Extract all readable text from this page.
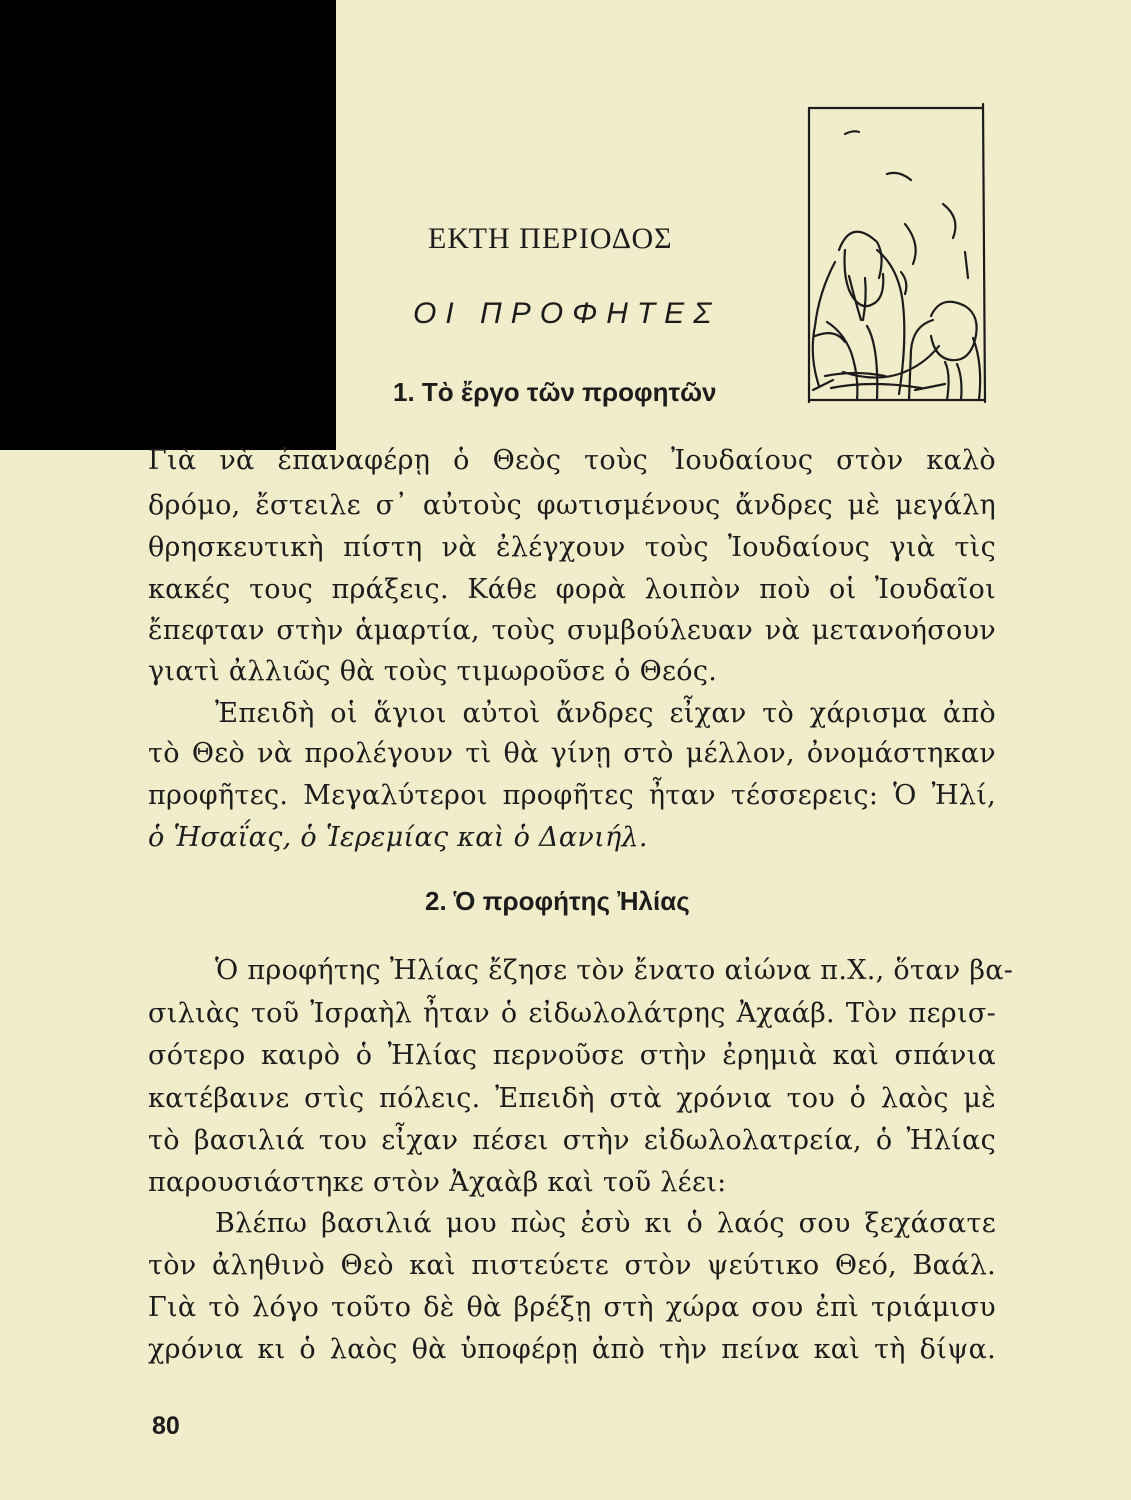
ΕΚΤΗ ΠΕΡΙΟΔΟΣ
ΟΙ ΠΡΟΦΗΤΕΣ
1. Τὸ ἔργο τῶν προφητῶν
Γιὰ νὰ ἐπαναφέρῃ ὁ Θεὸς τοὺς Ἰουδαίους στὸν καλὸ
δρόμο, ἔστειλε σ᾿ αὐτοὺς φωτισμένους ἄνδρες μὲ μεγάλη
θρησκευτικὴ πίστη νὰ ἐλέγχουν τοὺς Ἰουδαίους γιὰ τὶς
κακές τους πράξεις. Κάθε φορὰ λοιπὸν ποὺ οἱ Ἰουδαῖοι
ἔπεφταν στὴν ἁμαρτία, τοὺς συμβούλευαν νὰ μετανοήσουν
γιατὶ ἀλλιῶς θὰ τοὺς τιμωροῦσε ὁ Θεός.
Ἐπειδὴ οἱ ἅγιοι αὐτοὶ ἄνδρες εἶχαν τὸ χάρισμα ἀπὸ
τὸ Θεὸ νὰ προλέγουν τὶ θὰ γίνῃ στὸ μέλλον, ὀνομάστηκαν
προφῆτες. Μεγαλύτεροι προφῆτες ἦταν τέσσερεις: Ὁ Ἠλί,
ὁ Ἡσαΐας, ὁ Ἱερεμίας καὶ ὁ Δανιήλ.
2. Ὁ προφήτης Ἠλίας
Ὁ προφήτης Ἠλίας ἔζησε τὸν ἔνατο αἰώνα π.Χ., ὅταν βα-
σιλιὰς τοῦ Ἰσραὴλ ἦταν ὁ εἰδωλολάτρης Ἀχαάβ. Τὸν περισ-
σότερο καιρὸ ὁ Ἠλίας περνοῦσε στὴν ἐρημιὰ καὶ σπάνια
κατέβαινε στὶς πόλεις. Ἐπειδὴ στὰ χρόνια του ὁ λαὸς μὲ
τὸ βασιλιά του εἶχαν πέσει στὴν εἰδωλολατρεία, ὁ Ἠλίας
παρουσιάστηκε στὸν Ἀχαὰβ καὶ τοῦ λέει:
Βλέπω βασιλιά μου πὼς ἐσὺ κι ὁ λαός σου ξεχάσατε
τὸν ἀληθινὸ Θεὸ καὶ πιστεύετε στὸν ψεύτικο Θεό, Βαάλ.
Γιὰ τὸ λόγο τοῦτο δὲ θὰ βρέξῃ στὴ χώρα σου ἐπὶ τριάμισυ
χρόνια κι ὁ λαὸς θὰ ὑποφέρῃ ἀπὸ τὴν πείνα καὶ τὴ δίψα.
80
